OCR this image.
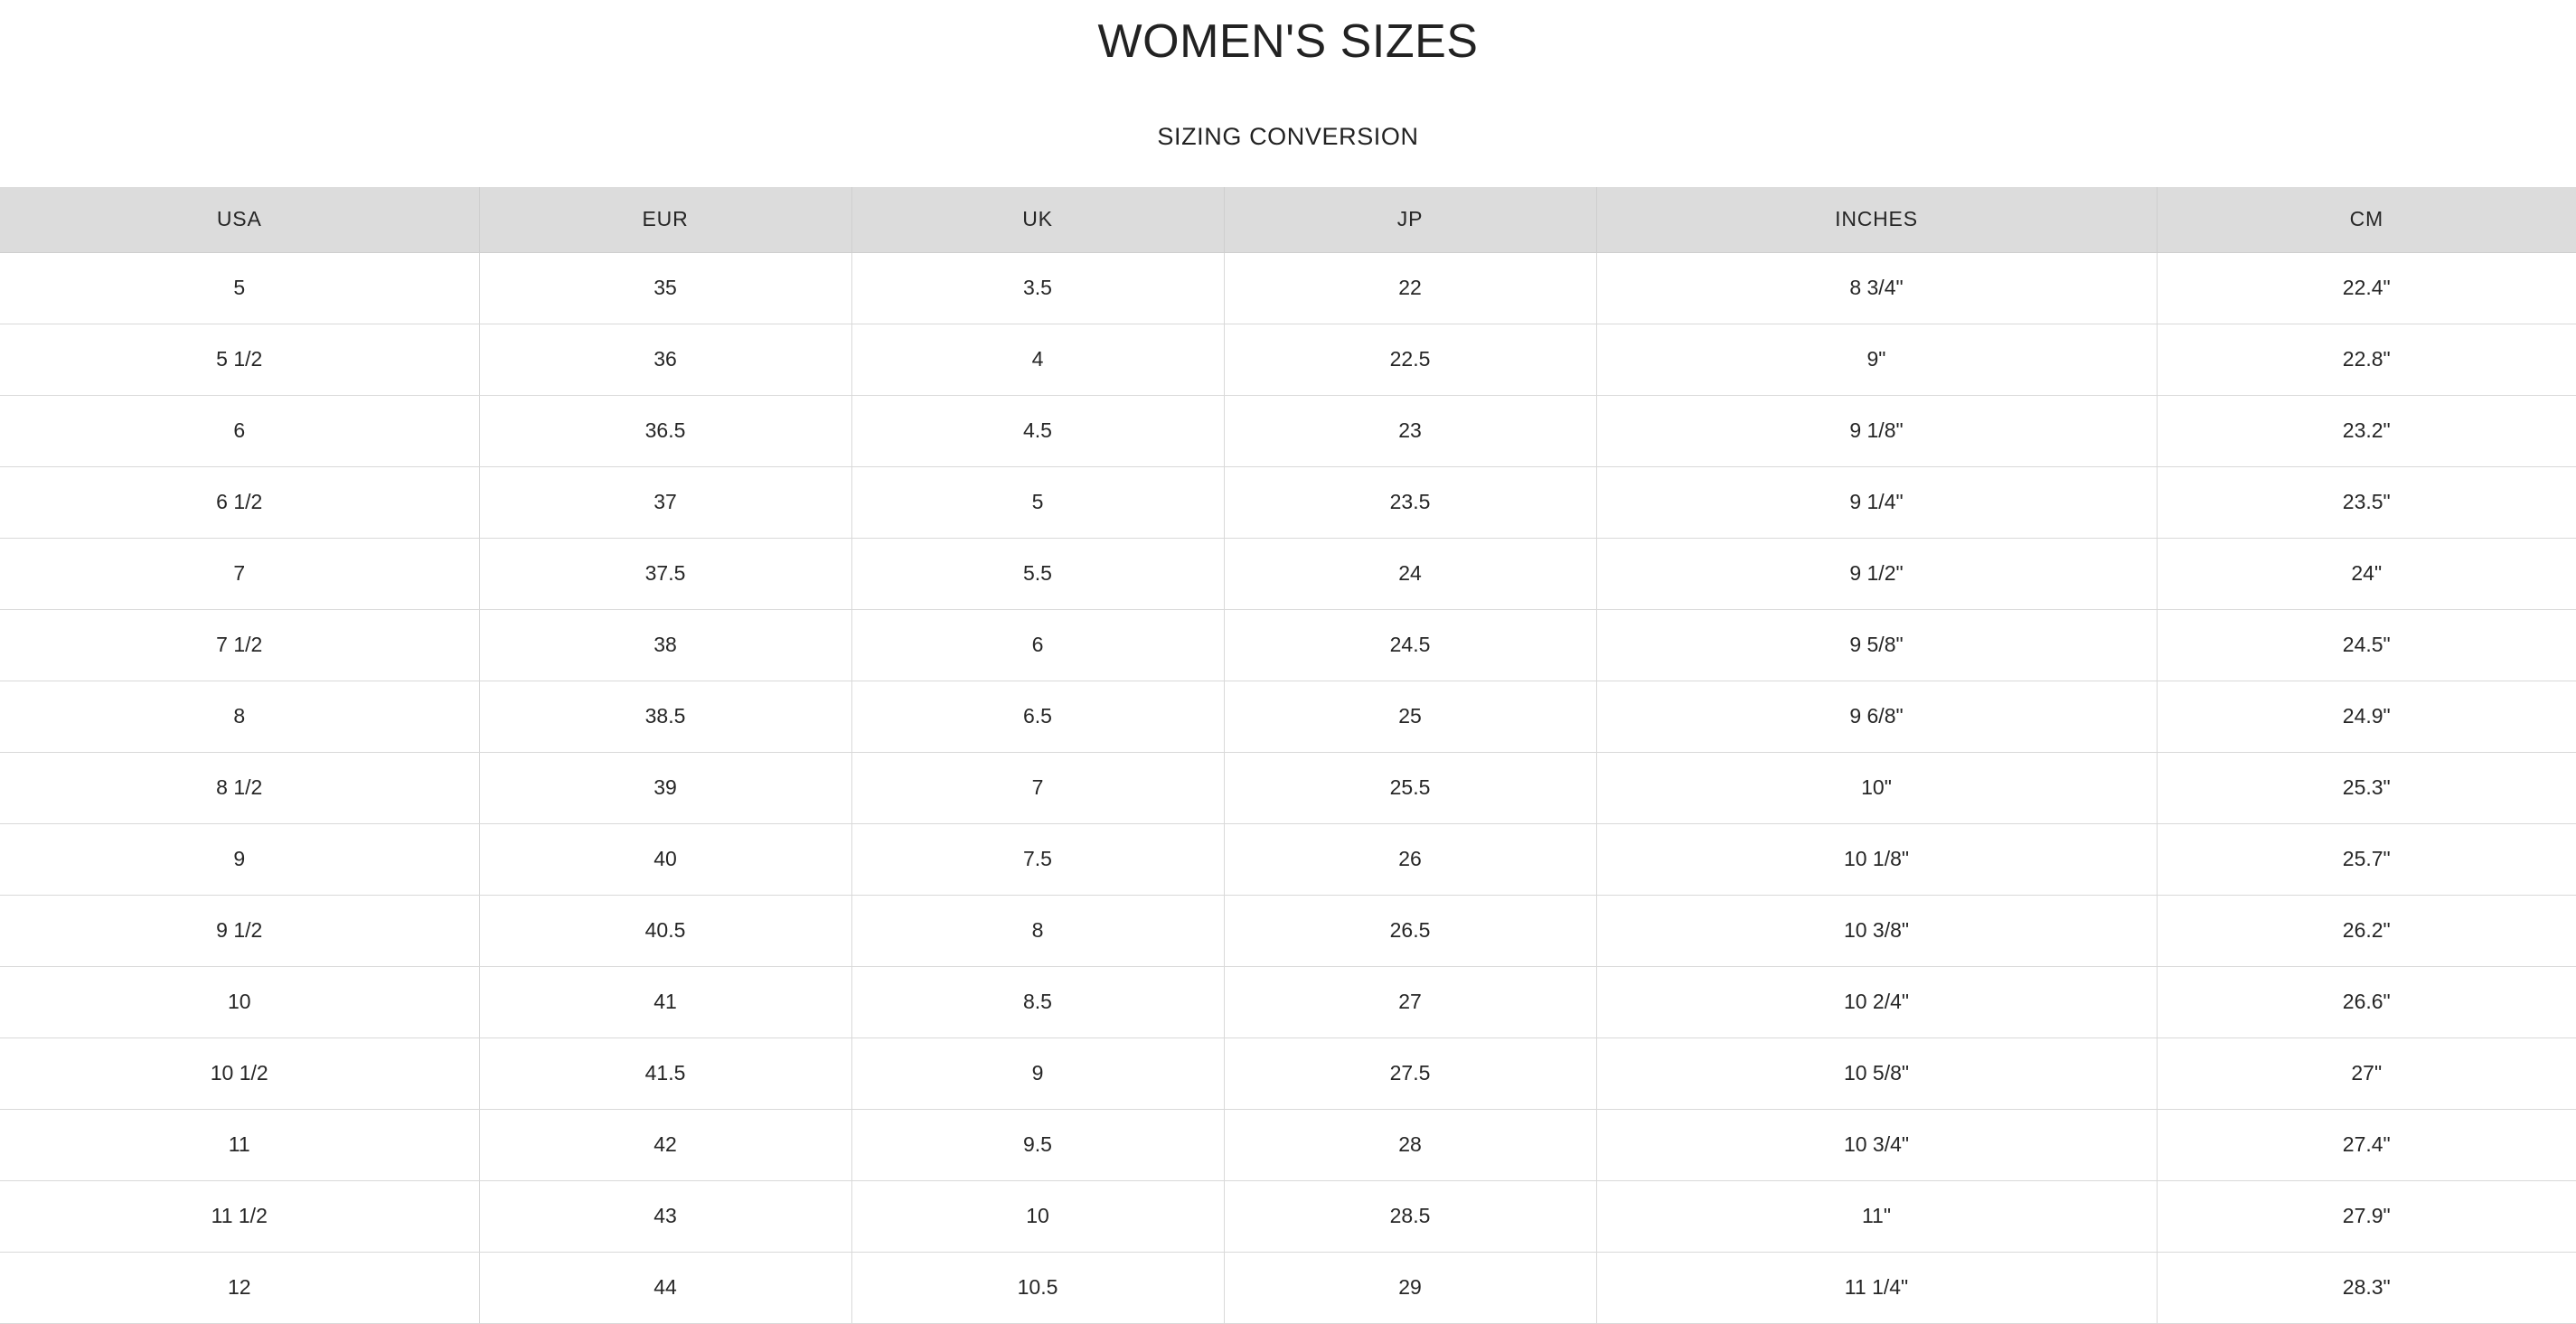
WOMEN'S SIZES
SIZING CONVERSION
USA	EUR	UK	JP	INCHES	CM
5	35	3.5	22	8 3/4"	22.4"
5 1/2	36	4	22.5	9"	22.8"
6	36.5	4.5	23	9 1/8"	23.2"
6 1/2	37	5	23.5	9 1/4"	23.5"
7	37.5	5.5	24	9 1/2"	24"
7 1/2	38	6	24.5	9 5/8"	24.5"
8	38.5	6.5	25	9 6/8"	24.9"
8 1/2	39	7	25.5	10"	25.3"
9	40	7.5	26	10 1/8"	25.7"
9 1/2	40.5	8	26.5	10 3/8"	26.2"
10	41	8.5	27	10 2/4"	26.6"
10 1/2	41.5	9	27.5	10 5/8"	27"
11	42	9.5	28	10 3/4"	27.4"
11 1/2	43	10	28.5	11"	27.9"
12	44	10.5	29	11 1/4"	28.3"
